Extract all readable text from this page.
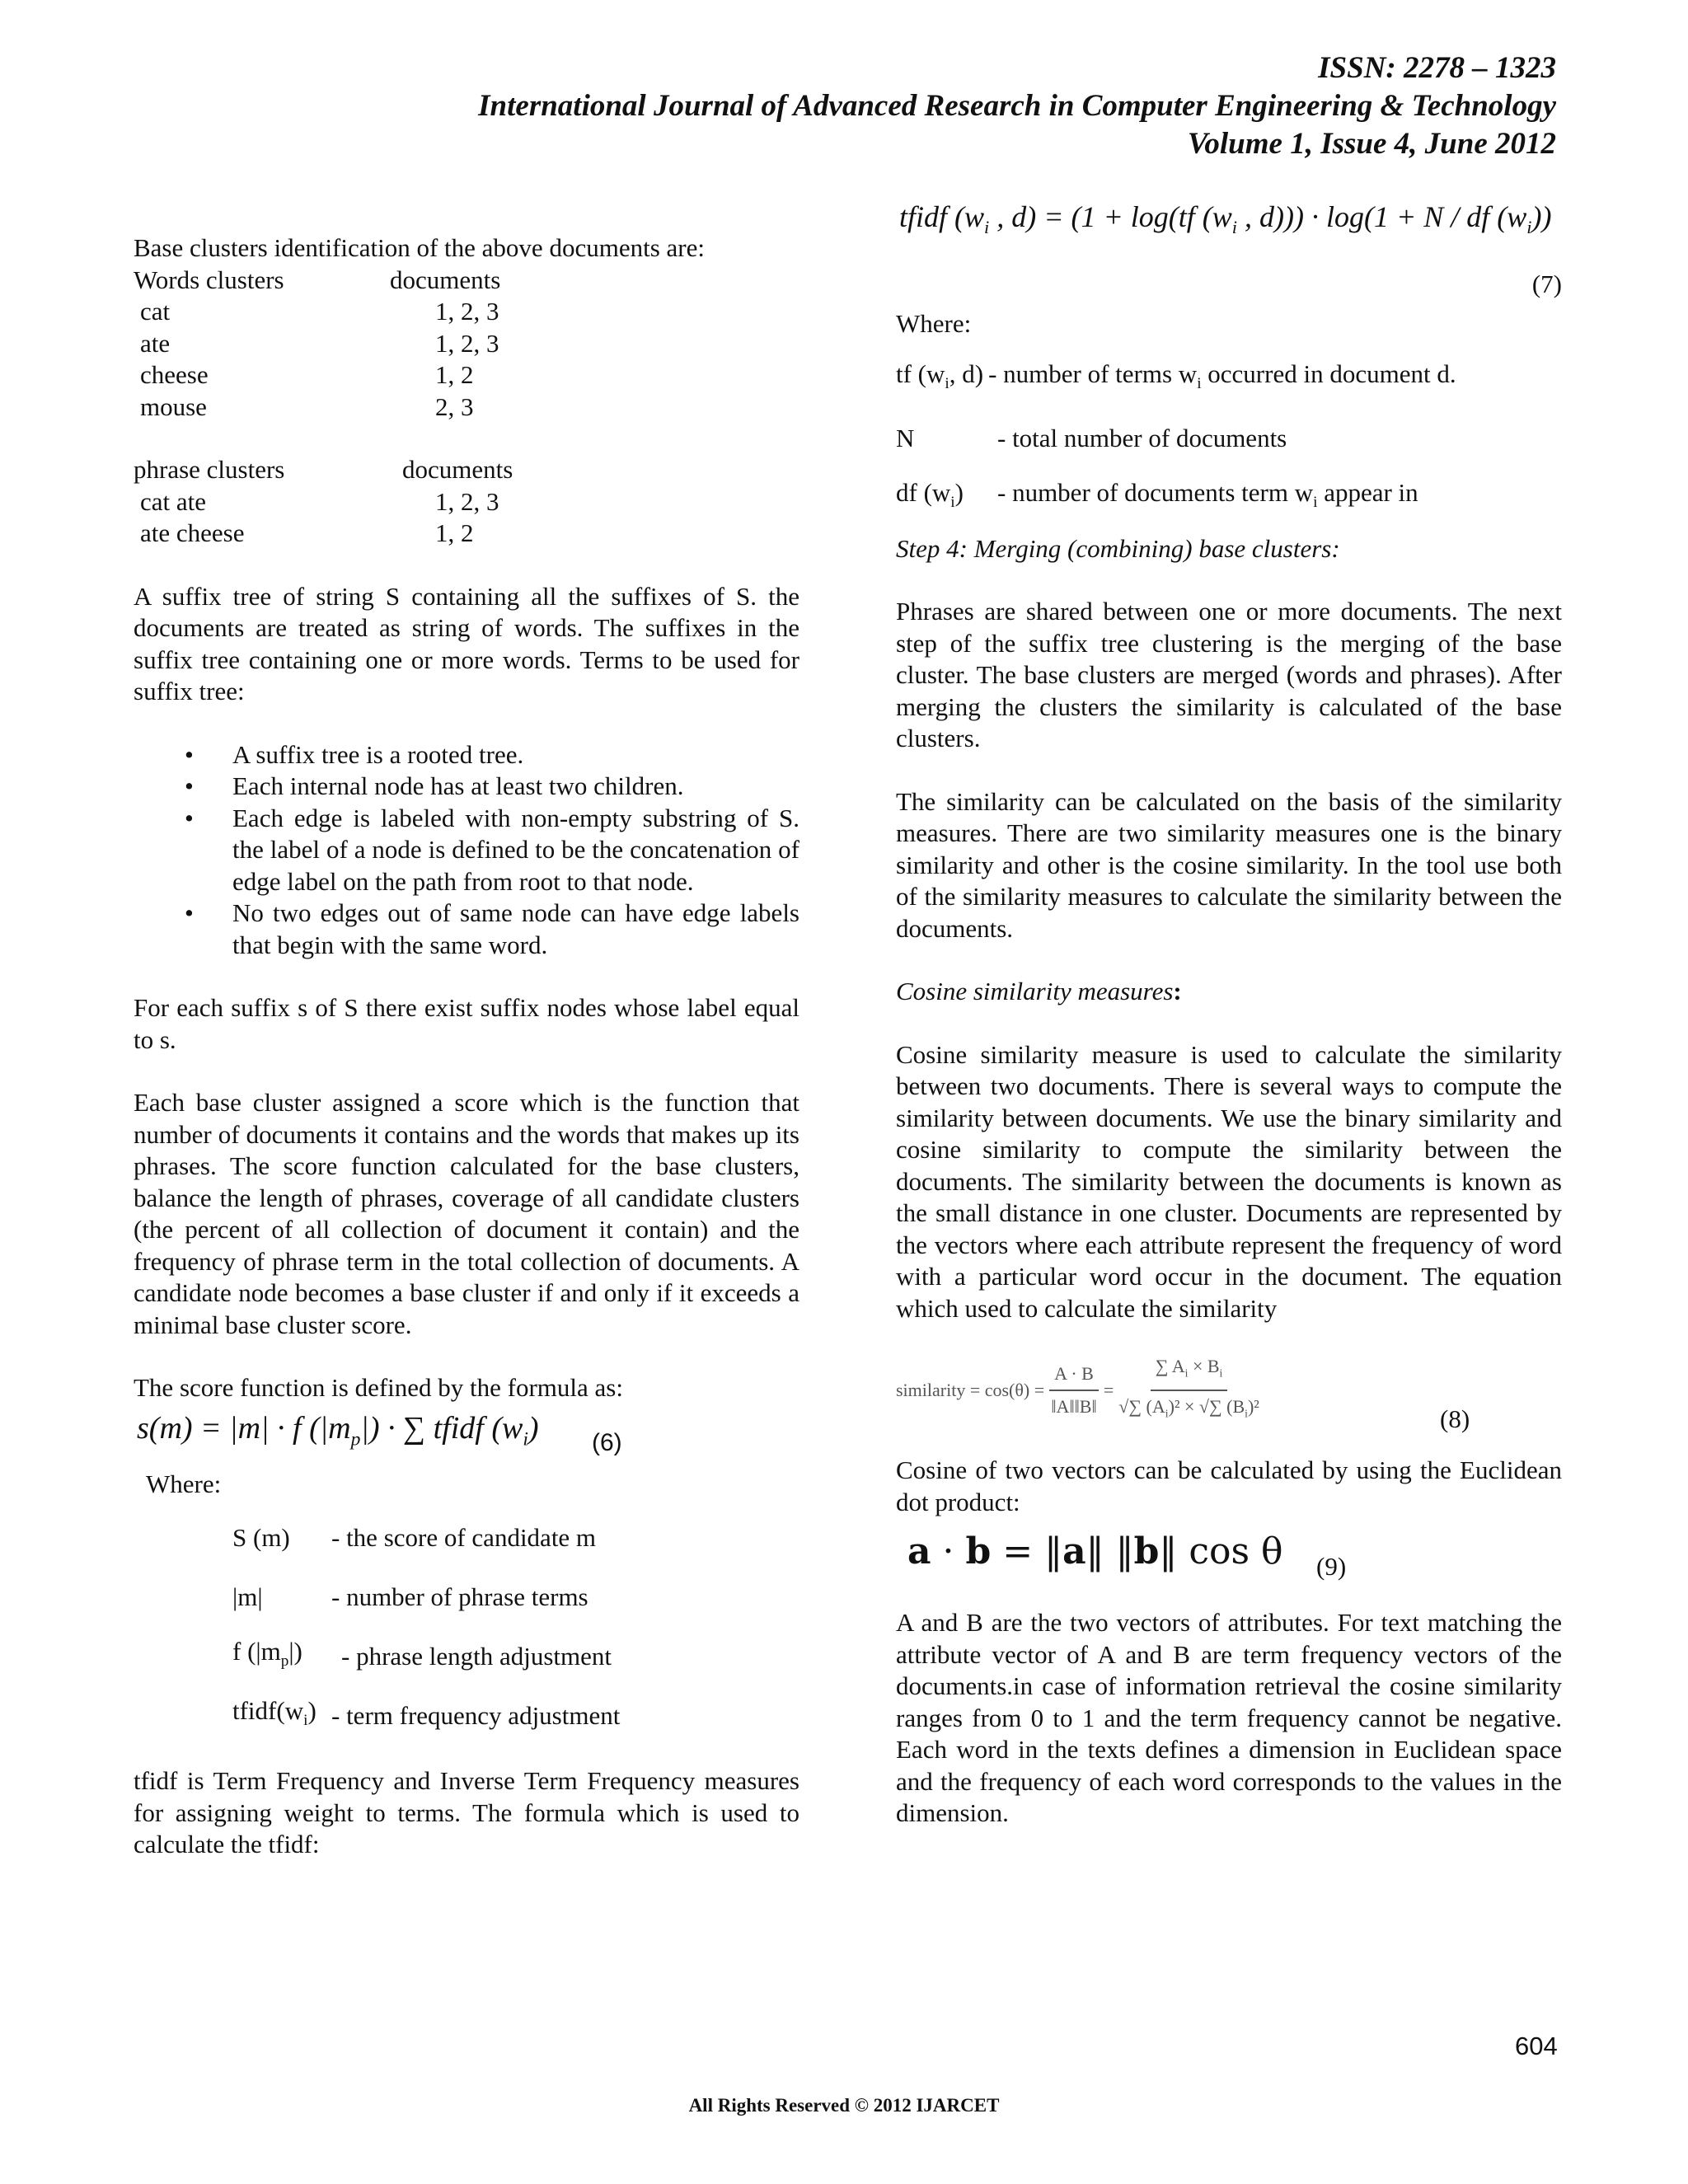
ISSN: 2278 – 1323
International Journal of Advanced Research in Computer Engineering & Technology
Volume 1, Issue 4, June 2012

Base clusters identification of the above documents are:

Words clusters	documents
cat	1, 2, 3
ate	1, 2, 3
cheese	1, 2
mouse	2, 3
phrase clusters	documents
cat ate	1, 2, 3
ate cheese	1, 2

A suffix tree of string S containing all the suffixes of S. the documents are treated as string of words. The suffixes in the suffix tree containing one or more words. Terms to be used for suffix tree:

• A suffix tree is a rooted tree.
• Each internal node has at least two children.
• Each edge is labeled with non-empty substring of S. the label of a node is defined to be the concatenation of edge label on the path from root to that node.
• No two edges out of same node can have edge labels that begin with the same word.

For each suffix s of S there exist suffix nodes whose label equal to s.

Each base cluster assigned a score which is the function that number of documents it contains and the words that makes up its phrases. The score function calculated for the base clusters, balance the length of phrases, coverage of all candidate clusters (the percent of all collection of document it contain) and the frequency of phrase term in the total collection of documents. A candidate node becomes a base cluster if and only if it exceeds a minimal base cluster score.

The score function is defined by the formula as:

s(m) = |m| · f $(|m_p|)$ · ∑ tfidf $(w_i)$ (6)

Where:

S (m)	- the score of candidate m
|m|	- number of phrase terms
f $(|m_p|)$	- phrase length adjustment
$tfidf(w_i)$ - term frequency adjustment

tfidf is Term Frequency and Inverse Term Frequency measures for assigning weight to terms. The formula which is used to calculate the tfidf:

tfidf ($w_i$ , d) = (1 + log(tf ($w_i$ , d))) · log(1 + N / df $(w_i)$)
(7)

Where:

tf ($w_i$, d) - number of terms $w_i$ occurred in document d.
N	- total number of documents
df $(w_i)$	- number of documents term $w_i$ appear in

Step 4: Merging (combining) base clusters:

Phrases are shared between one or more documents. The next step of the suffix tree clustering is the merging of the base cluster. The base clusters are merged (words and phrases). After merging the clusters the similarity is calculated of the base clusters.

The similarity can be calculated on the basis of the similarity measures. There are two similarity measures one is the binary similarity and other is the cosine similarity. In the tool use both of the similarity measures to calculate the similarity between the documents.

Cosine similarity measures:

Cosine similarity measure is used to calculate the similarity between two documents. There is several ways to compute the similarity between documents. We use the binary similarity and cosine similarity to compute the similarity between the documents. The similarity between the documents is known as the small distance in one cluster. Documents are represented by the vectors where each attribute represent the frequency of word with a particular word occur in the document. The equation which used to calculate the similarity

similarity = $\cos(\theta) = \frac{A \cdot B}{‖A‖‖B‖} = \frac{\sum A_i \times B_i}{√\sum (A_i)^2 \times √\sum (B_i)^2}$	(8)

Cosine of two vectors can be calculated by using the Euclidean dot product:

a · b = ‖a‖ ‖b‖ cos θ (9)

A and B are the two vectors of attributes. For text matching the attribute vector of A and B are term frequency vectors of the documents.in case of information retrieval the cosine similarity ranges from 0 to 1 and the term frequency cannot be negative. Each word in the texts defines a dimension in Euclidean space and the frequency of each word corresponds to the values in the dimension.

604
All Rights Reserved © 2012 IJARCET
